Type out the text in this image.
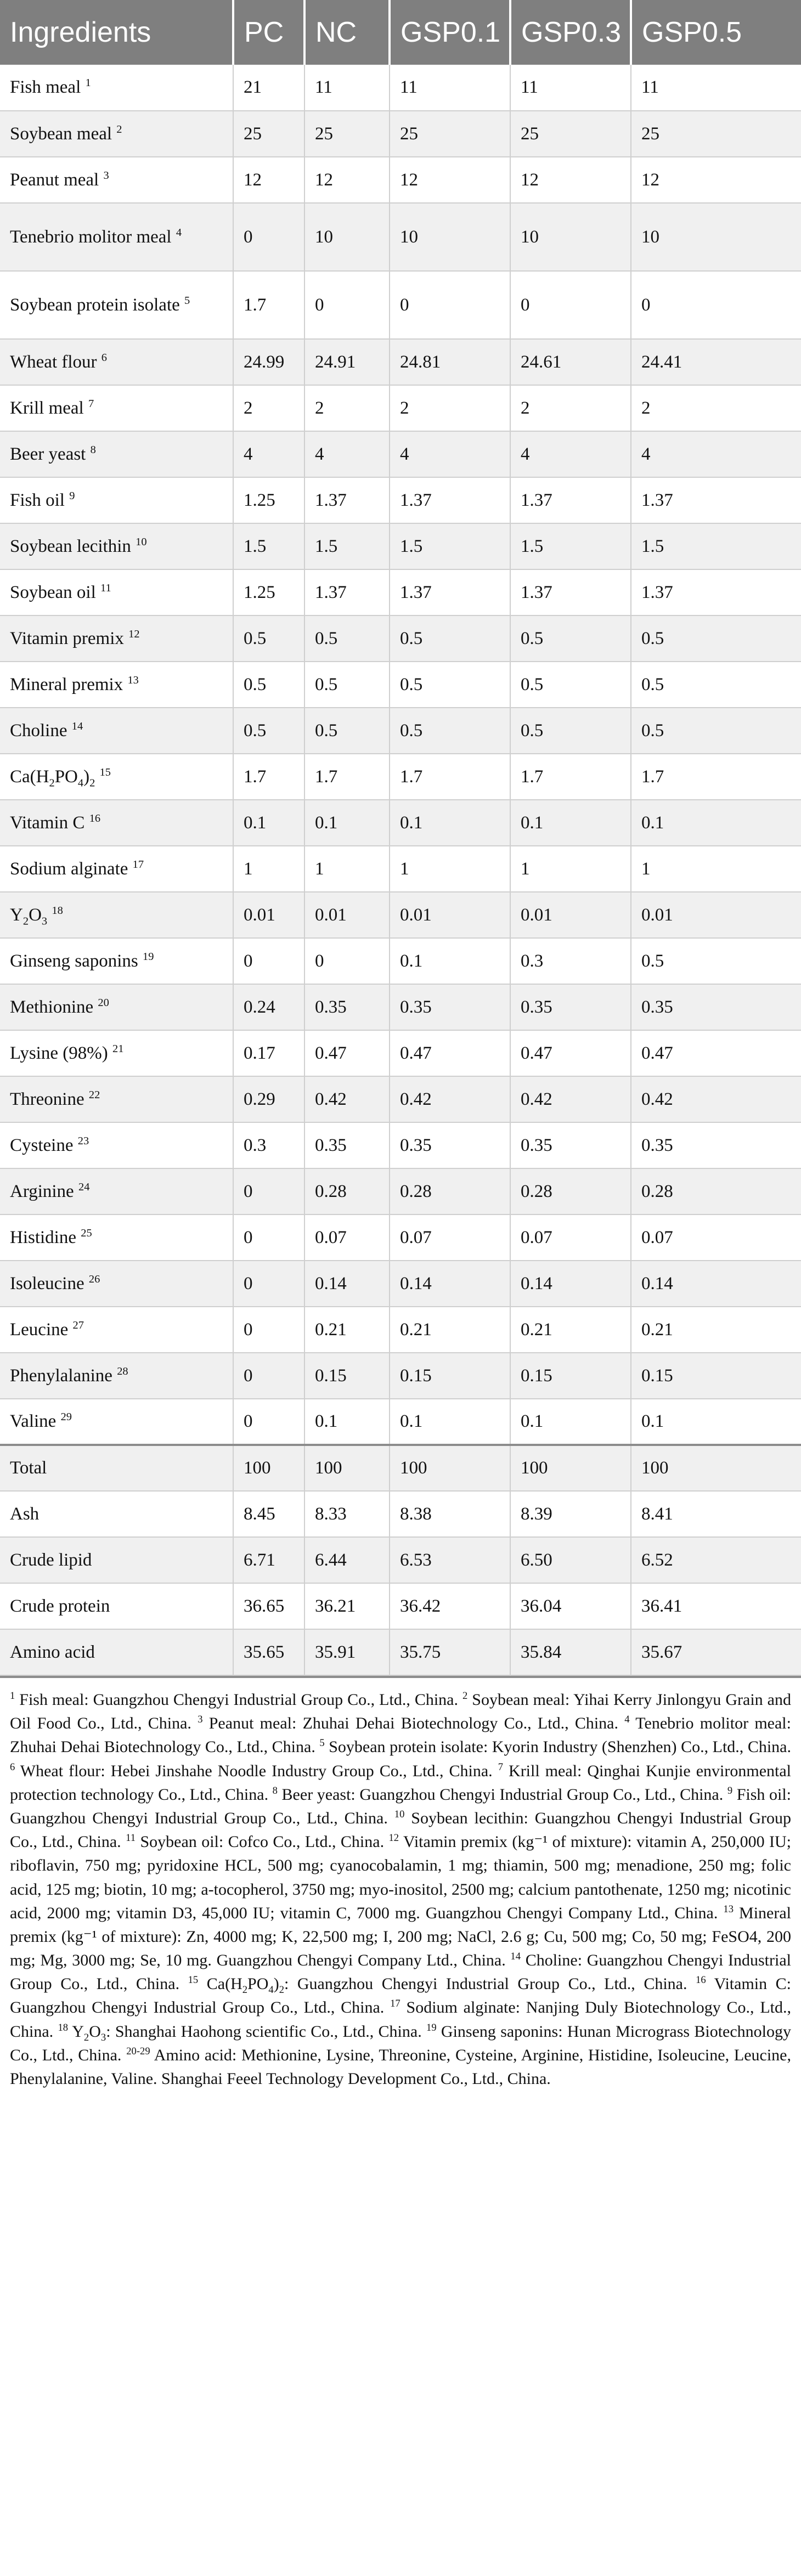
Ingredients	PC	NC	GSP0.1	GSP0.3	GSP0.5
Fish meal $^1$	21	11	11	11	11
Soybean meal $^2$	25	25	25	25	25
Peanut meal $^3$	12	12	12	12	12
Tenebrio molitor meal $^4$	0	10	10	10	10
Soybean protein isolate $^5$	1.7	0	0	0	0
Wheat flour $^6$	24.99	24.91	24.81	24.61	24.41
Krill meal $^7$	2	2	2	2	2
Beer yeast $^8$	4	4	4	4	4
Fish oil $^9$	1.25	1.37	1.37	1.37	1.37
Soybean lecithin $^{10}$	1.5	1.5	1.5	1.5	1.5
Soybean oil $^{11}$	1.25	1.37	1.37	1.37	1.37
Vitamin premix $^{12}$	0.5	0.5	0.5	0.5	0.5
Mineral premix $^{13}$	0.5	0.5	0.5	0.5	0.5
Choline $^{14}$	0.5	0.5	0.5	0.5	0.5
$Ca(H_2PO_4)_2$ $^{15}$	1.7	1.7	1.7	1.7	1.7
Vitamin C $^{16}$	0.1	0.1	0.1	0.1	0.1
Sodium alginate $^{17}$	1	1	1	1	1
$Y_2O_3$ $^{18}$	0.01	0.01	0.01	0.01	0.01
Ginseng saponins $^{19}$	0	0	0.1	0.3	0.5
Methionine $^{20}$	0.24	0.35	0.35	0.35	0.35
Lysine (98%) $^{21}$	0.17	0.47	0.47	0.47	0.47
Threonine $^{22}$	0.29	0.42	0.42	0.42	0.42
Cysteine $^{23}$	0.3	0.35	0.35	0.35	0.35
Arginine $^{24}$	0	0.28	0.28	0.28	0.28
Histidine $^{25}$	0	0.07	0.07	0.07	0.07
Isoleucine $^{26}$	0	0.14	0.14	0.14	0.14
Leucine $^{27}$	0	0.21	0.21	0.21	0.21
Phenylalanine $^{28}$	0	0.15	0.15	0.15	0.15
Valine $^{29}$	0	0.1	0.1	0.1	0.1
Total	100	100	100	100	100
Ash	8.45	8.33	8.38	8.39	8.41
Crude lipid	6.71	6.44	6.53	6.50	6.52
Crude protein	36.65	36.21	36.42	36.04	36.41
Amino acid	35.65	35.91	35.75	35.84	35.67
$^1$ Fish meal: Guangzhou Chengyi Industrial Group Co., Ltd., China. $^2$ Soybean meal: Yihai Kerry Jinlongyu Grain and Oil Food Co., Ltd., China. $^3$ Peanut meal: Zhuhai Dehai Biotechnology Co., Ltd., China. $^4$ Tenebrio molitor meal: Zhuhai Dehai Biotechnology Co., Ltd., China. $^5$ Soybean protein isolate: Kyorin Industry (Shenzhen) Co., Ltd., China. $^6$ Wheat flour: Hebei Jinshahe Noodle Industry Group Co., Ltd., China. $^7$ Krill meal: Qinghai Kunjie environmental protection technology Co., Ltd., China. $^8$ Beer yeast: Guangzhou Chengyi Industrial Group Co., Ltd., China. $^9$ Fish oil: Guangzhou Chengyi Industrial Group Co., Ltd., China. $^{10}$ Soybean lecithin: Guangzhou Chengyi Industrial Group Co., Ltd., China. $^{11}$ Soybean oil: Cofco Co., Ltd., China. $^{12}$ Vitamin premix (kg⁻¹ of mixture): vitamin A, 250,000 IU; riboflavin, 750 mg; pyridoxine HCL, 500 mg; cyanocobalamin, 1 mg; thiamin, 500 mg; menadione, 250 mg; folic acid, 125 mg; biotin, 10 mg; a-tocopherol, 3750 mg; myo-inositol, 2500 mg; calcium pantothenate, 1250 mg; nicotinic acid, 2000 mg; vitamin D3, 45,000 IU; vitamin C, 7000 mg. Guangzhou Chengyi Company Ltd., China. $^{13}$ Mineral premix (kg⁻¹ of mixture): Zn, 4000 mg; K, 22,500 mg; I, 200 mg; NaCl, 2.6 g; Cu, 500 mg; Co, 50 mg; FeSO4, 200 mg; Mg, 3000 mg; Se, 10 mg. Guangzhou Chengyi Company Ltd., China. $^{14}$ Choline: Guangzhou Chengyi Industrial Group Co., Ltd., China. $^{15}$ $Ca(H_2PO_4)_2$: Guangzhou Chengyi Industrial Group Co., Ltd., China. $^{16}$ Vitamin C: Guangzhou Chengyi Industrial Group Co., Ltd., China. $^{17}$ Sodium alginate: Nanjing Duly Biotechnology Co., Ltd., China. $^{18}$ $Y_2O_3$: Shanghai Haohong scientific Co., Ltd., China. $^{19}$ Ginseng saponins: Hunan Micrograss Biotechnology Co., Ltd., China. $^{20-29}$ Amino acid: Methionine, Lysine, Threonine, Cysteine, Arginine, Histidine, Isoleucine, Leucine, Phenylalanine, Valine. Shanghai Feeel Technology Development Co., Ltd., China.
